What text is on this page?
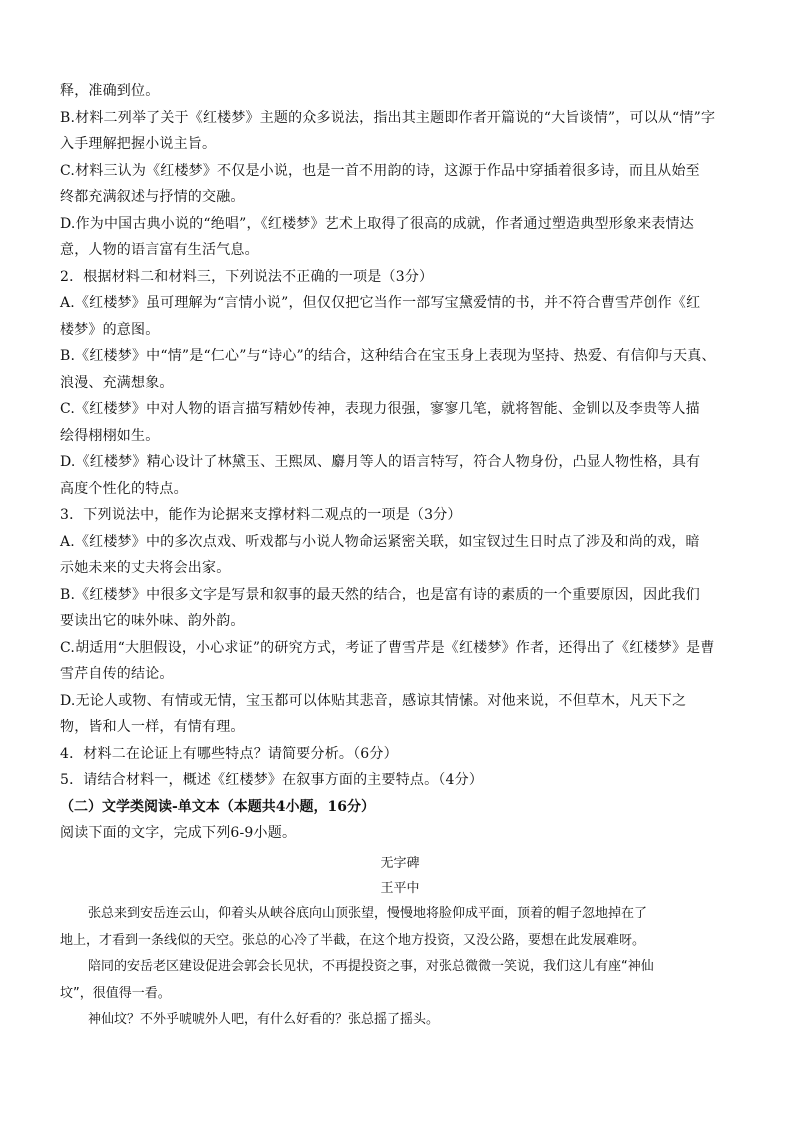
释，准确到位。
B.材料二列举了关于《红楼梦》主题的众多说法，指出其主题即作者开篇说的“大旨谈情”，可以从“情”字
入手理解把握小说主旨。
C.材料三认为《红楼梦》不仅是小说，也是一首不用韵的诗，这源于作品中穿插着很多诗，而且从始至
终都充满叙述与抒情的交融。
D.作为中国古典小说的“绝唱”，《红楼梦》艺术上取得了很高的成就，作者通过塑造典型形象来表情达
意，人物的语言富有生活气息。
2．根据材料二和材料三，下列说法不正确的一项是（3分）
A.《红楼梦》虽可理解为“言情小说”，但仅仅把它当作一部写宝黛爱情的书，并不符合曹雪芹创作《红
楼梦》的意图。
B.《红楼梦》中“情”是“仁心”与“诗心”的结合，这种结合在宝玉身上表现为坚持、热爱、有信仰与天真、
浪漫、充满想象。
C.《红楼梦》中对人物的语言描写精妙传神，表现力很强，寥寥几笔，就将智能、金钏以及李贵等人描
绘得栩栩如生。
D.《红楼梦》精心设计了林黛玉、王熙凤、麝月等人的语言特写，符合人物身份，凸显人物性格，具有
高度个性化的特点。
3．下列说法中，能作为论据来支撑材料二观点的一项是（3分）
A.《红楼梦》中的多次点戏、听戏都与小说人物命运紧密关联，如宝钗过生日时点了涉及和尚的戏，暗
示她未来的丈夫将会出家。
B.《红楼梦》中很多文字是写景和叙事的最天然的结合，也是富有诗的素质的一个重要原因，因此我们
要读出它的味外味、韵外韵。
C.胡适用“大胆假设，小心求证”的研究方式，考证了曹雪芹是《红楼梦》作者，还得出了《红楼梦》是曹
雪芹自传的结论。
D.无论人或物、有情或无情，宝玉都可以体贴其悲音，感谅其情愫。对他来说，不但草木，凡天下之
物，皆和人一样，有情有理。
4．材料二在论证上有哪些特点？请简要分析。（6分）
5．请结合材料一，概述《红楼梦》在叙事方面的主要特点。（4分）
（二）文学类阅读-单文本（本题共4小题，16分）
阅读下面的文字，完成下列6-9小题。
无字碑
王平中
张总来到安岳连云山，仰着头从峡谷底向山顶张望，慢慢地将脸仰成平面，顶着的帽子忽地掉在了
地上，才看到一条线似的天空。张总的心冷了半截，在这个地方投资，又没公路，要想在此发展难呀。
陪同的安岳老区建设促进会郭会长见状，不再提投资之事，对张总微微一笑说，我们这儿有座“神仙
坟”，很值得一看。
神仙坟？不外乎唬唬外人吧，有什么好看的？张总摇了摇头。
